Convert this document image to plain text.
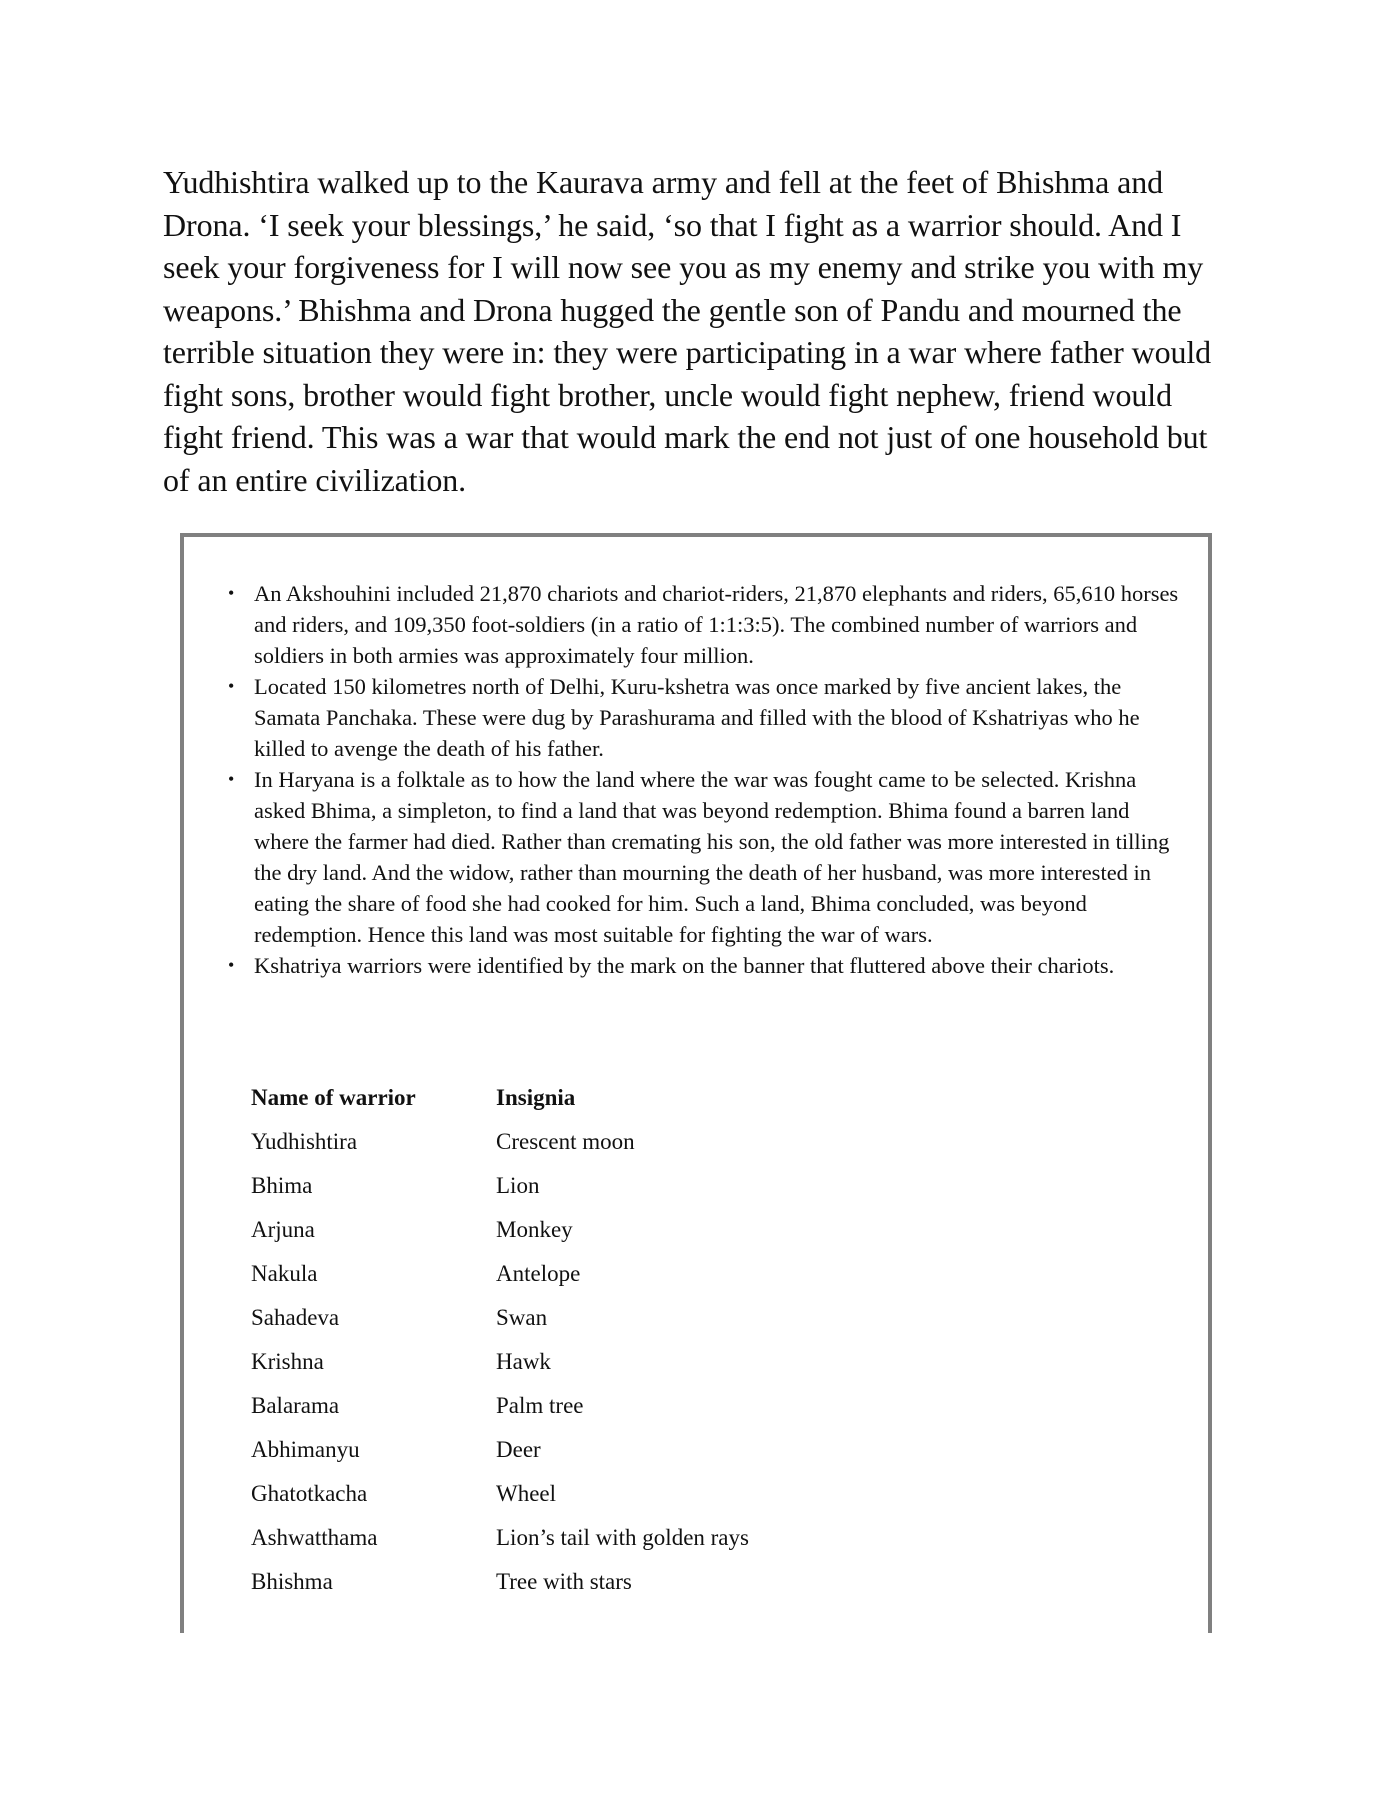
Yudhishtira walked up to the Kaurava army and fell at the feet of Bhishma and Drona. ‘I seek your blessings,’ he said, ‘so that I fight as a warrior should. And I seek your forgiveness for I will now see you as my enemy and strike you with my weapons.’ Bhishma and Drona hugged the gentle son of Pandu and mourned the terrible situation they were in: they were participating in a war where father would fight sons, brother would fight brother, uncle would fight nephew, friend would fight friend. This was a war that would mark the end not just of one household but of an entire civilization.

• An Akshouhini included 21,870 chariots and chariot-riders, 21,870 elephants and riders, 65,610 horses and riders, and 109,350 foot-soldiers (in a ratio of 1:1:3:5). The combined number of warriors and soldiers in both armies was approximately four million.
• Located 150 kilometres north of Delhi, Kuru-kshetra was once marked by five ancient lakes, the Samata Panchaka. These were dug by Parashurama and filled with the blood of Kshatriyas who he killed to avenge the death of his father.
• In Haryana is a folktale as to how the land where the war was fought came to be selected. Krishna asked Bhima, a simpleton, to find a land that was beyond redemption. Bhima found a barren land where the farmer had died. Rather than cremating his son, the old father was more interested in tilling the dry land. And the widow, rather than mourning the death of her husband, was more interested in eating the share of food she had cooked for him. Such a land, Bhima concluded, was beyond redemption. Hence this land was most suitable for fighting the war of wars.
• Kshatriya warriors were identified by the mark on the banner that fluttered above their chariots.
Name of warrior	Insignia
Yudhishtira	Crescent moon
Bhima	Lion
Arjuna	Monkey
Nakula	Antelope
Sahadeva	Swan
Krishna	Hawk
Balarama	Palm tree
Abhimanyu	Deer
Ghatotkacha	Wheel
Ashwatthama	Lion’s tail with golden rays
Bhishma	Tree with stars
